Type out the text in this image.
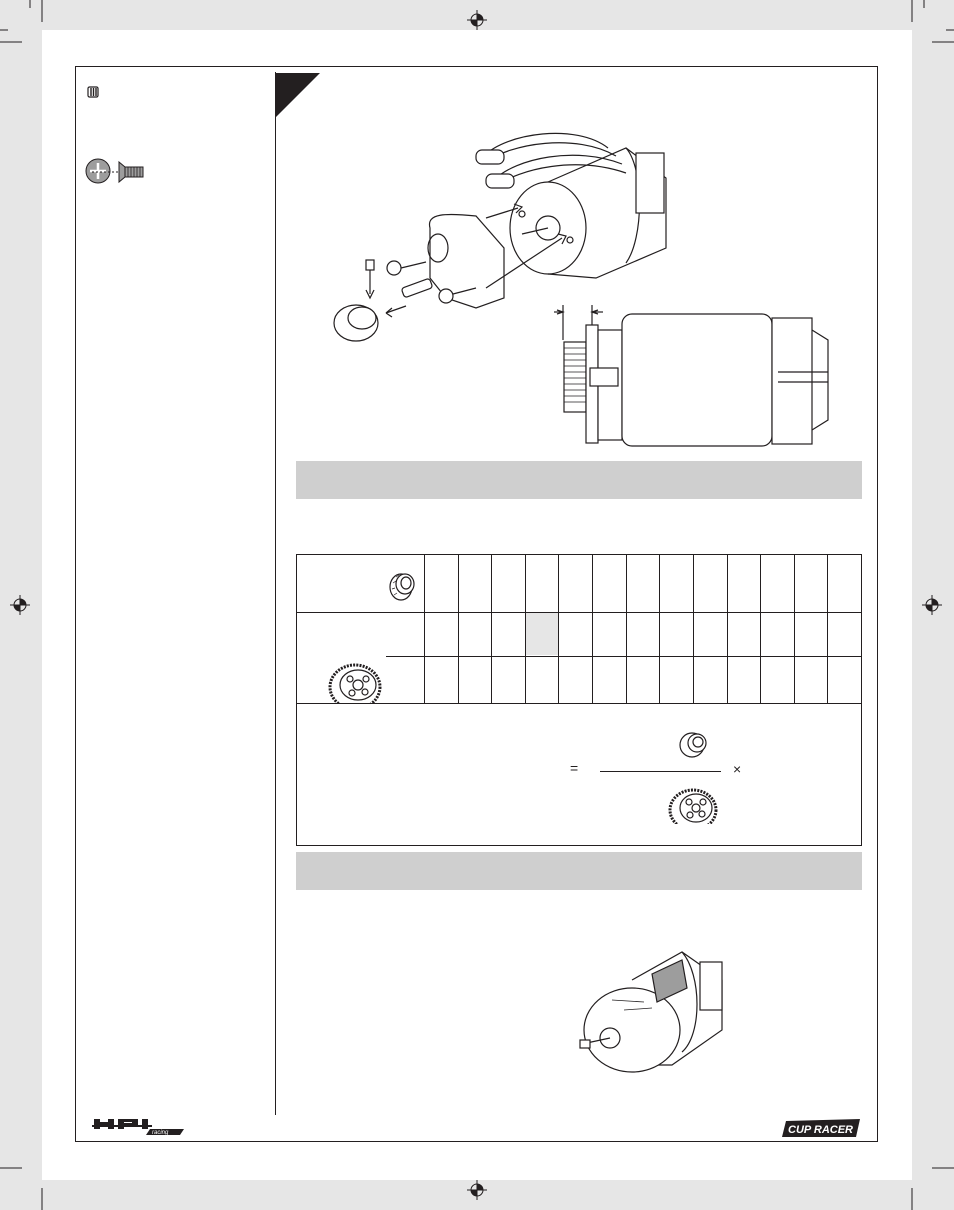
=	×
racing	CUP RACER
